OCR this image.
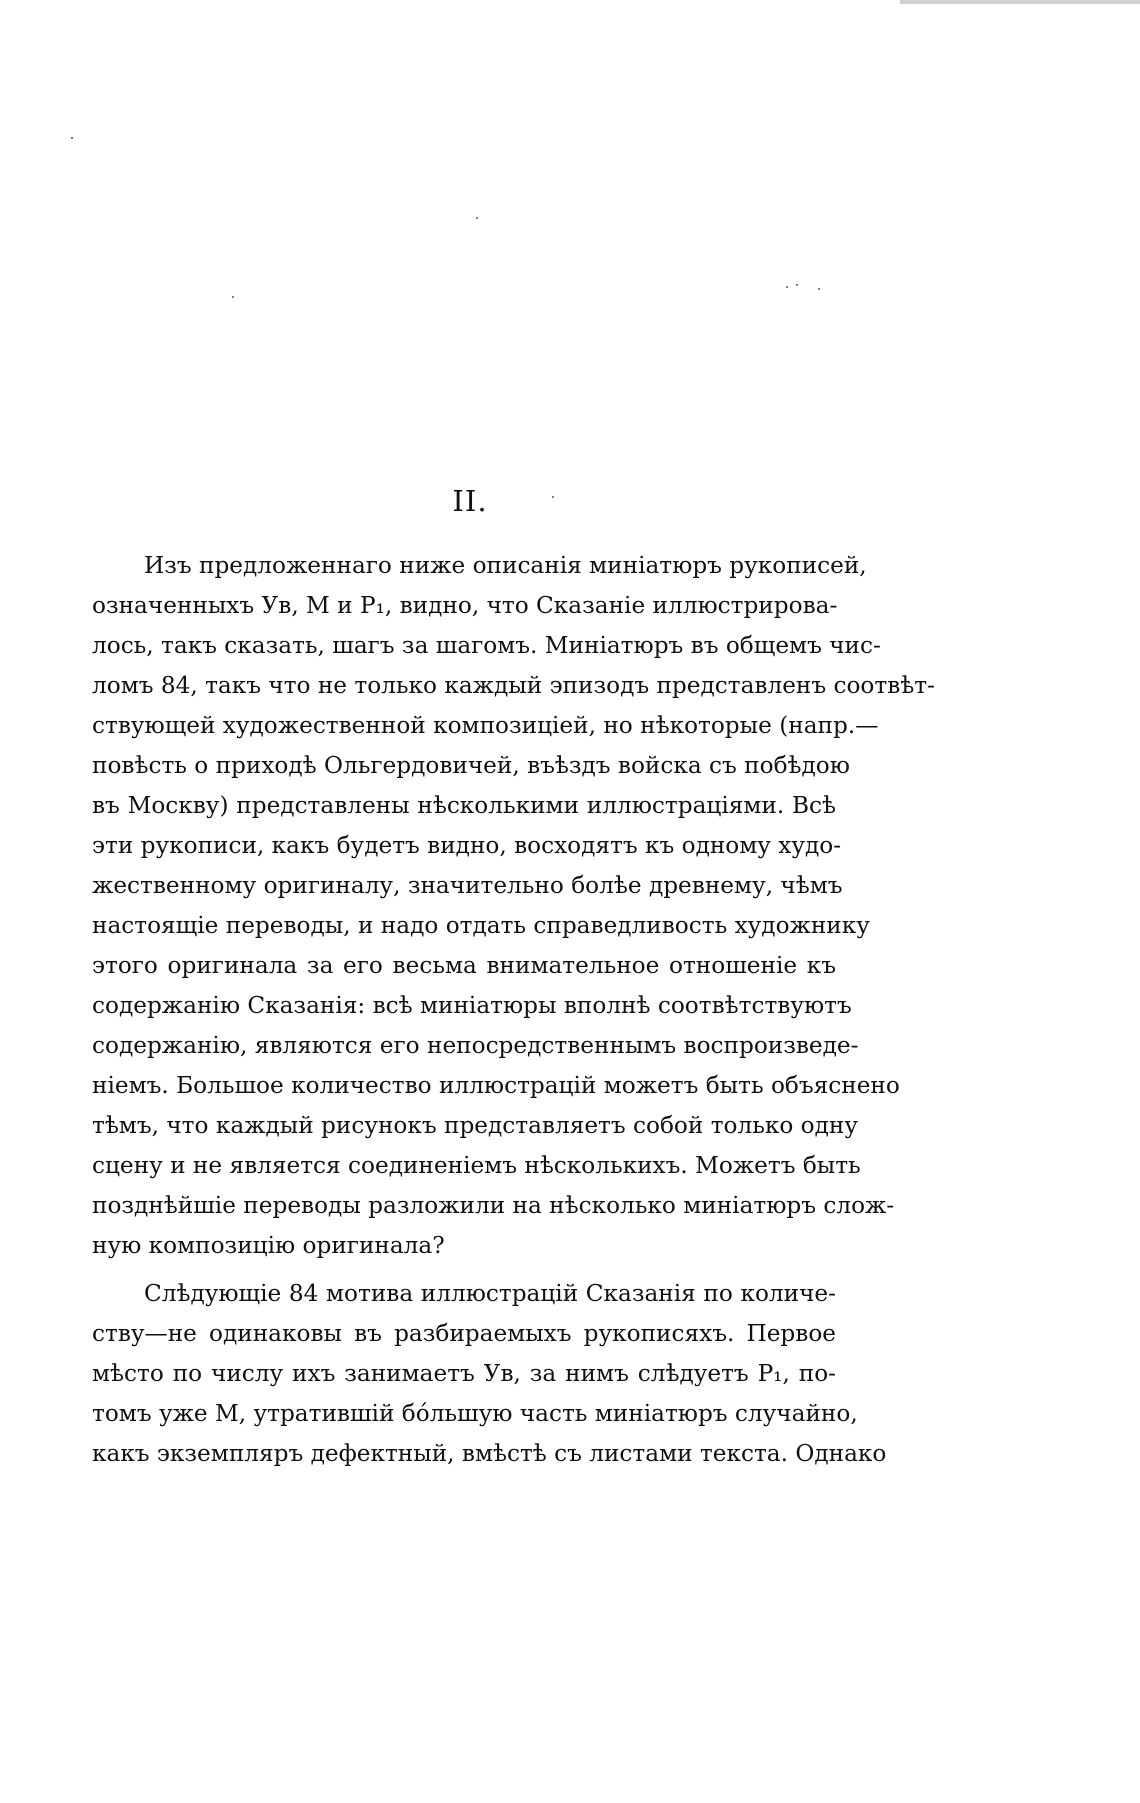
II.
Изъ предложеннаго ниже описанія миніатюръ рукописей,
означенныхъ Ув, М и P₁, видно, что Сказаніе иллюстрирова-
лось, такъ сказать, шагъ за шагомъ. Миніатюръ въ общемъ чис-
ломъ 84, такъ что не только каждый эпизодъ представленъ соотвѣт-
ствующей художественной композиціей, но нѣкоторые (напр.—
повѣсть о приходѣ Ольгердовичей, въѣздъ войска съ побѣдою
въ Москву) представлены нѣсколькими иллюстраціями. Всѣ
эти рукописи, какъ будетъ видно, восходятъ къ одному худо-
жественному оригиналу, значительно болѣе древнему, чѣмъ
настоящіе переводы, и надо отдать справедливость художнику
этого оригинала за его весьма внимательное отношеніе къ
содержанію Сказанія: всѣ миніатюры вполнѣ соотвѣтствуютъ
содержанію, являются его непосредственнымъ воспроизведе-
ніемъ. Большое количество иллюстрацій можетъ быть объяснено
тѣмъ, что каждый рисунокъ представляетъ собой только одну
сцену и не является соединеніемъ нѣсколькихъ. Можетъ быть
позднѣйшіе переводы разложили на нѣсколько миніатюръ слож-
ную композицію оригинала?
Слѣдующіе 84 мотива иллюстрацій Сказанія по количе-
ству—не одинаковы въ разбираемыхъ рукописяхъ. Первое
мѣсто по числу ихъ занимаетъ Ув, за нимъ слѣдуетъ P₁, по-
томъ уже М, утратившій бóльшую часть миніатюръ случайно,
какъ экземпляръ дефектный, вмѣстѣ съ листами текста. Однако
